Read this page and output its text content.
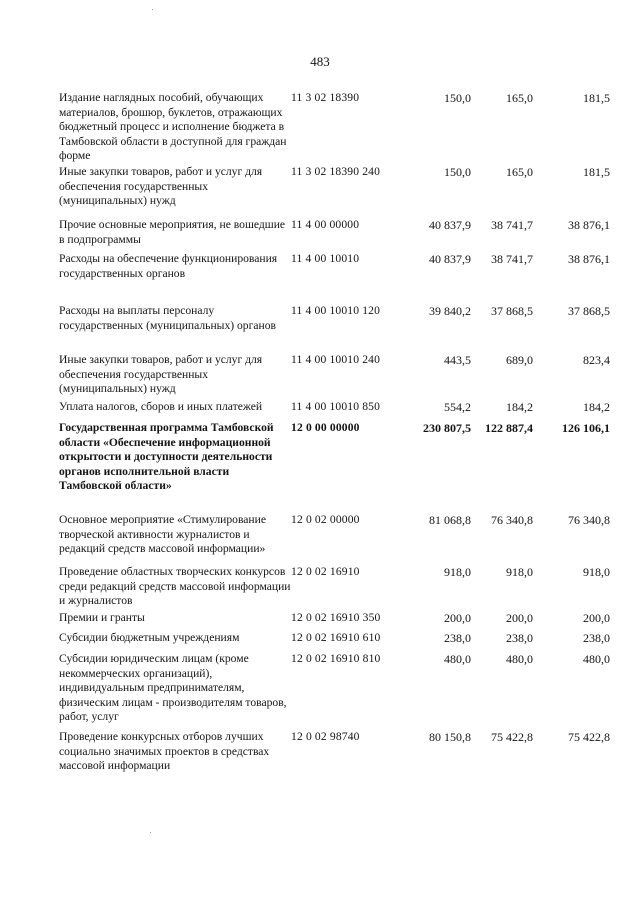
483
Издание наглядных пособий, обучающих материалов, брошюр, буклетов, отражающих бюджетный процесс и исполнение бюджета в Тамбовской области в доступной для граждан форме
11 3 02 18390	150,0	165,0	181,5
Иные закупки товаров, работ и услуг для обеспечения государственных (муниципальных) нужд
11 3 02 18390 240	150,0	165,0	181,5
Прочие основные мероприятия, не вошедшие в подпрограммы
11 4 00 00000	40 837,9	38 741,7	38 876,1
Расходы на обеспечение функционирования государственных органов
11 4 00 10010	40 837,9	38 741,7	38 876,1
Расходы на выплаты персоналу государственных (муниципальных) органов
11 4 00 10010 120	39 840,2	37 868,5	37 868,5
Иные закупки товаров, работ и услуг для обеспечения государственных (муниципальных) нужд
11 4 00 10010 240	443,5	689,0	823,4
Уплата налогов, сборов и иных платежей	11 4 00 10010 850	554,2	184,2	184,2
Государственная программа Тамбовской области «Обеспечение информационной открытости и доступности деятельности органов исполнительной власти Тамбовской области»
12 0 00 00000	230 807,5	122 887,4	126 106,1
Основное мероприятие «Стимулирование творческой активности журналистов и редакций средств массовой информации»
12 0 02 00000	81 068,8	76 340,8	76 340,8
Проведение областных творческих конкурсов среди редакций средств массовой информации и журналистов
12 0 02 16910	918,0	918,0	918,0
Премии и гранты	12 0 02 16910 350	200,0	200,0	200,0
Субсидии бюджетным учреждениям	12 0 02 16910 610	238,0	238,0	238,0
Субсидии юридическим лицам (кроме некоммерческих организаций), индивидуальным предпринимателям, физическим лицам - производителям товаров, работ, услуг
12 0 02 16910 810	480,0	480,0	480,0
Проведение конкурсных отборов лучших социально значимых проектов в средствах массовой информации
12 0 02 98740	80 150,8	75 422,8	75 422,8
